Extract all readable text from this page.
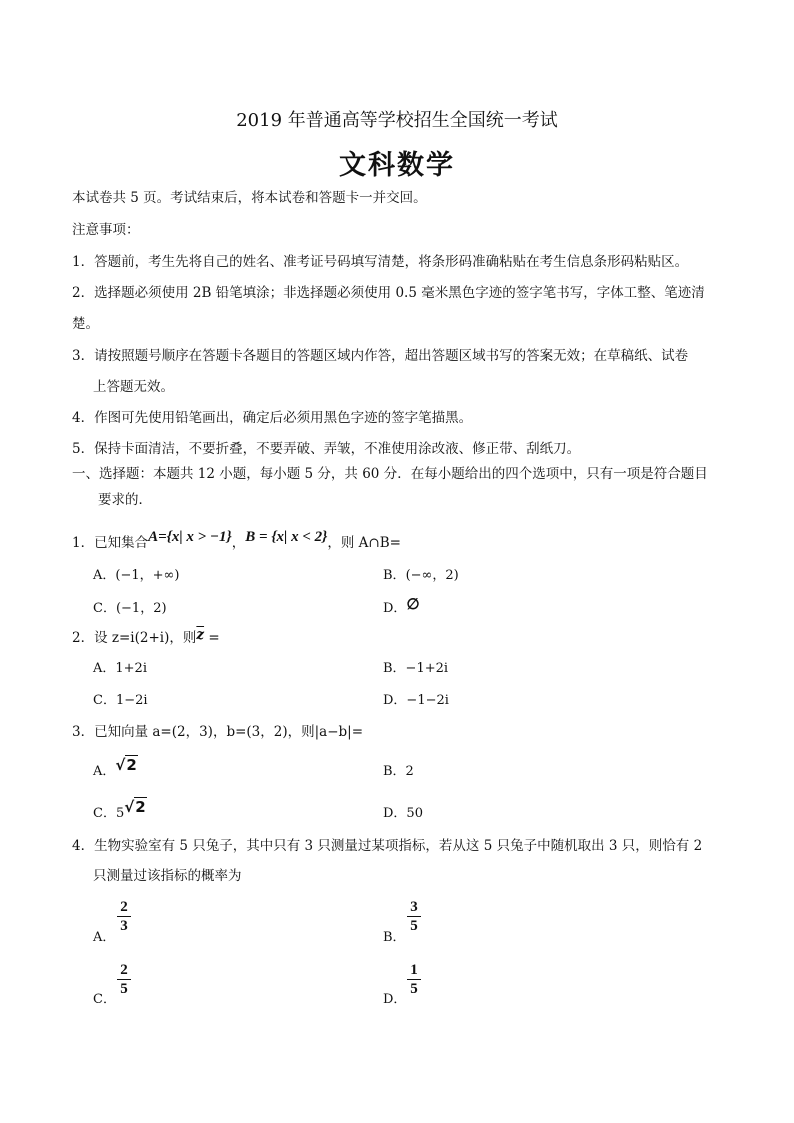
2019 年普通高等学校招生全国统一考试
文科数学
本试卷共 5 页。考试结束后，将本试卷和答题卡一并交回。
注意事项：
1．答题前，考生先将自己的姓名、准考证号码填写清楚，将条形码准确粘贴在考生信息条形码粘贴区。
2．选择题必须使用 2B 铅笔填涂；非选择题必须使用 0.5 毫米黑色字迹的签字笔书写，字体工整、笔迹清
楚。
3．请按照题号顺序在答题卡各题目的答题区域内作答，超出答题区域书写的答案无效；在草稿纸、试卷
上答题无效。
4．作图可先使用铅笔画出，确定后必须用黑色字迹的签字笔描黑。
5．保持卡面清洁，不要折叠，不要弄破、弄皱，不准使用涂改液、修正带、刮纸刀。
一、选择题：本题共 12 小题，每小题 5 分，共 60 分．在每小题给出的四个选项中，只有一项是符合题目
要求的．
1．已知集合A={x| x > −1}，B = {x| x < 2}，则 A∩B=
A．(−1，+∞)	B．(−∞，2)
C．(−1，2)	D．∅
2．设 z=i(2+i)，则$\overline{z}$ =
A．1+2i	B．−1+2i
C．1−2i	D．−1−2i
3．已知向量 a=(2，3)，b=(3，2)，则|a−b|=
A．√2	B．2
C．5√2	D．50
4．生物实验室有 5 只兔子，其中只有 3 只测量过某项指标，若从这 5 只兔子中随机取出 3 只，则恰有 2
只测量过该指标的概率为
A．
2
3
B．
3
5
C．
2
5
D．
1
5
